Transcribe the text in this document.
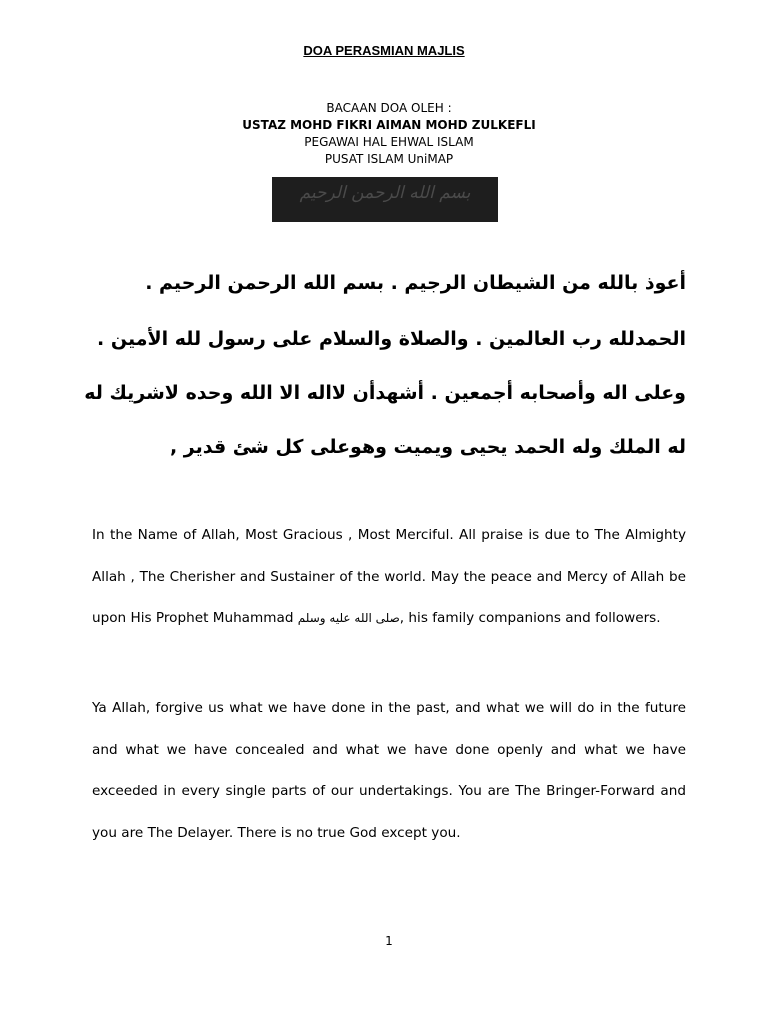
DOA PERASMIAN MAJLIS
BACAAN DOA OLEH :
USTAZ MOHD FIKRI AIMAN MOHD ZULKEFLI
PEGAWAI HAL EHWAL ISLAM
PUSAT ISLAM UniMAP
بسم الله الرحمن الرحيم
أعوذ بالله من الشيطان الرجيم . بسم الله الرحمن الرحيم .
الحمدلله رب العالمين . والصلاة والسلام على رسول لله الأمين .
وعلى اله وأصحابه أجمعين . أشهدأن لااله الا الله وحده لاشريك له
له الملك وله الحمد يحيى ويميت وهوعلى كل شئ قدير ,
In the Name of Allah, Most Gracious , Most Merciful. All praise is due to The Almighty Allah , The Cherisher and Sustainer of the world. May the peace and Mercy of Allah be upon His Prophet Muhammad صلى الله عليه وسلم, his family companions and followers.
Ya Allah, forgive us what we have done in the past, and what we will do in the future and what we have concealed and what we have done openly and what we have exceeded in every single parts of our undertakings. You are The Bringer-Forward and you are The Delayer. There is no true God except you.
1
